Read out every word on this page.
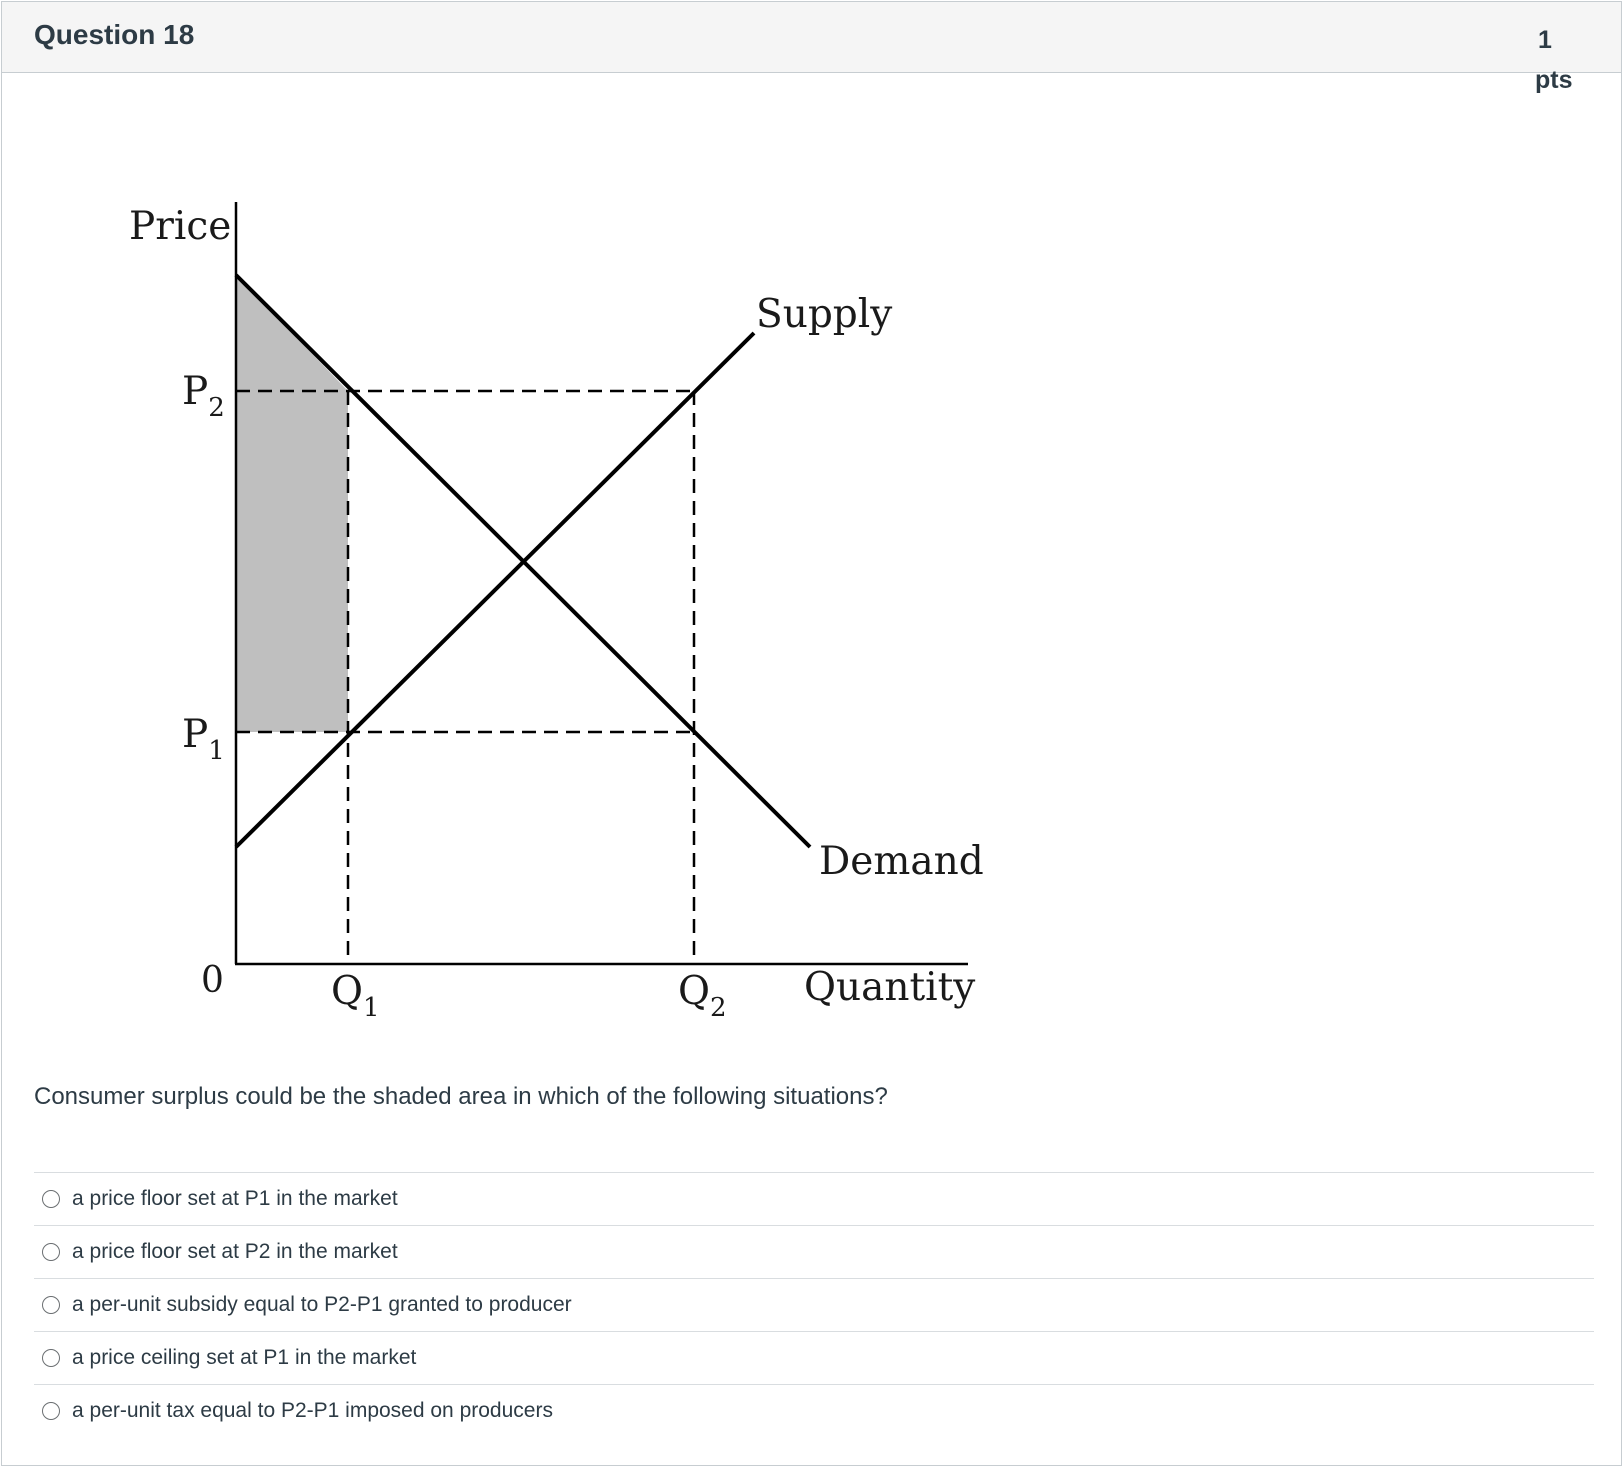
Question 18	1
pts
Price
Supply
Demand
Quantity
0
$P_2$
$P_1$
$Q_1$	$Q_2$
Consumer surplus could be the shaded area in which of the following situations?
a price floor set at P1 in the market
a price floor set at P2 in the market
a per-unit subsidy equal to P2-P1 granted to producer
a price ceiling set at P1 in the market
a per-unit tax equal to P2-P1 imposed on producers
